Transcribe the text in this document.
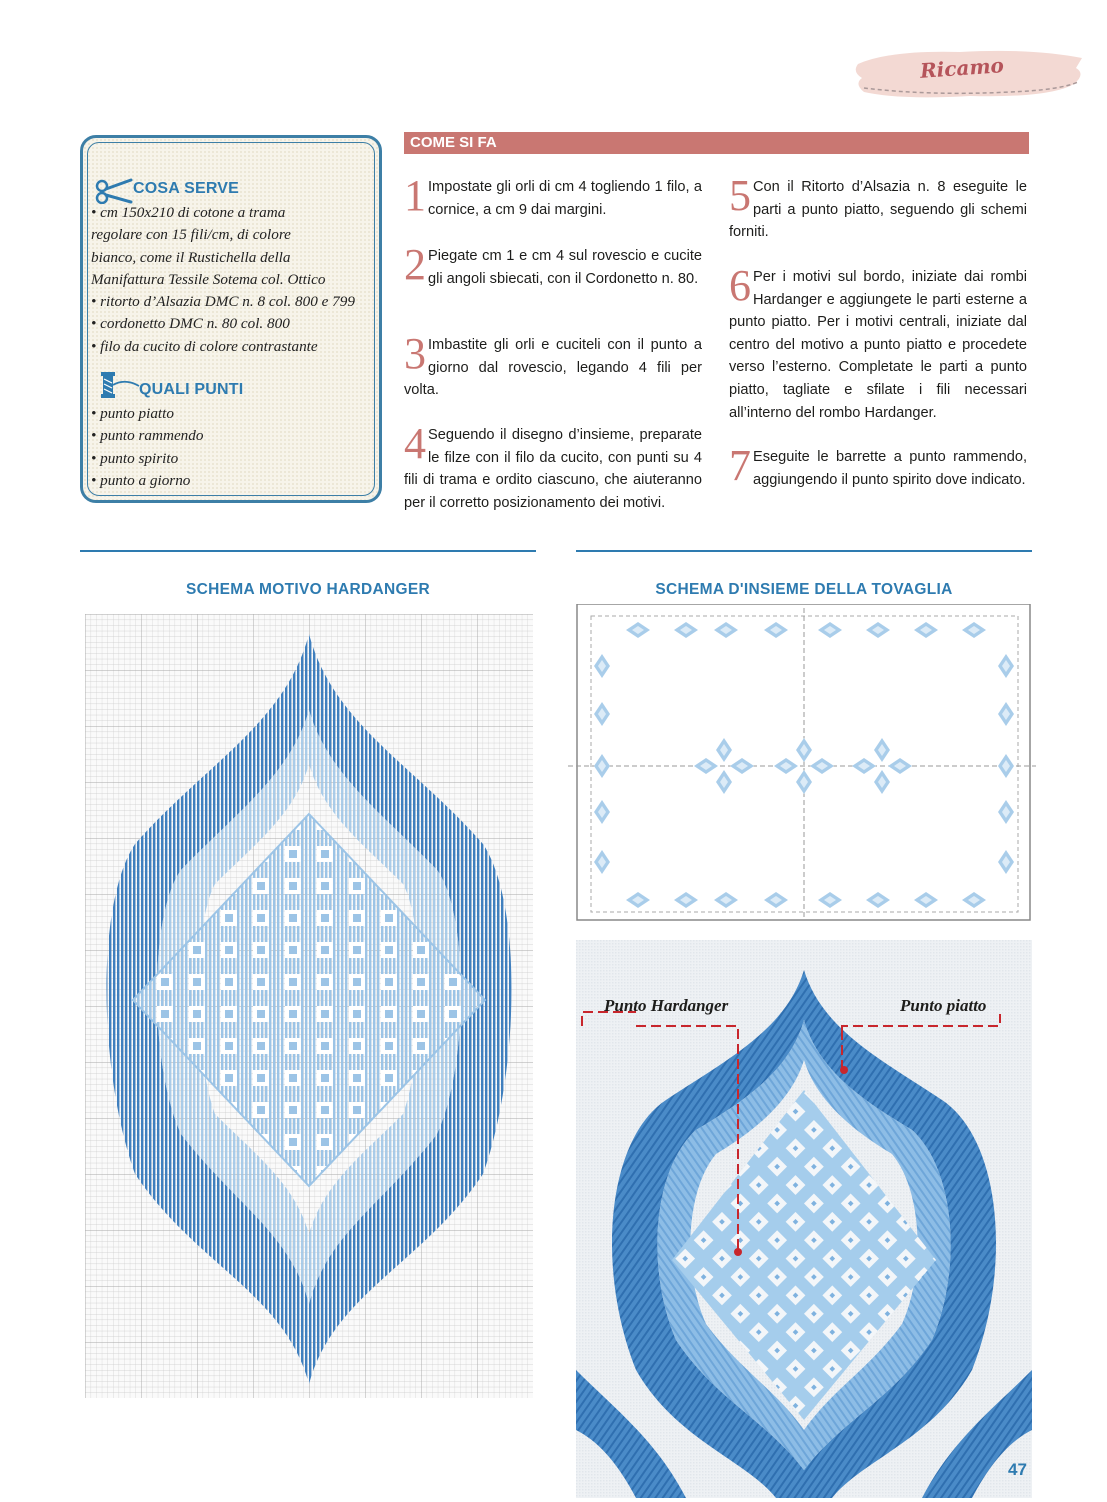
Ricamo
COSA SERVE
• cm 150x210 di cotone a trama
regolare con 15 fili/cm, di colore
bianco, come il Rustichella della
Manifattura Tessile Sotema col. Ottico
• ritorto d’Alsazia DMC n. 8 col. 800 e 799
• cordonetto DMC n. 80 col. 800
• filo da cucito di colore contrastante
QUALI PUNTI
• punto piatto
• punto rammendo
• punto spirito
• punto a giorno
COME SI FA
1 Impostate gli orli di cm 4 togliendo 1 filo, a cornice, a cm 9 dai margini.
2 Piegate cm 1 e cm 4 sul rovescio e cucite gli angoli sbiecati, con il Cordonetto n. 80.
3 Imbastite gli orli e cuciteli con il punto a giorno dal rovescio, legando 4 fili per volta.
4 Seguendo il disegno d’insieme, preparate le filze con il filo da cucito, con punti su 4 fili di trama e ordito ciascuno, che aiuteranno per il corretto posizionamento dei motivi.
5 Con il Ritorto d’Alsazia n. 8 eseguite le parti a punto piatto, seguendo gli schemi forniti.
6 Per i motivi sul bordo, iniziate dai rombi Hardanger e aggiungete le parti esterne a punto piatto. Per i motivi centrali, iniziate dal centro del motivo a punto piatto e procedete verso l’esterno. Completate le parti a punto piatto, tagliate e sfilate i fili necessari all’interno del rombo Hardanger.
7 Eseguite le barrette a punto rammendo, aggiungendo il punto spirito dove indicato.
SCHEMA MOTIVO HARDANGER	SCHEMA D'INSIEME DELLA TOVAGLIA
Punto Hardanger	Punto piatto
47
